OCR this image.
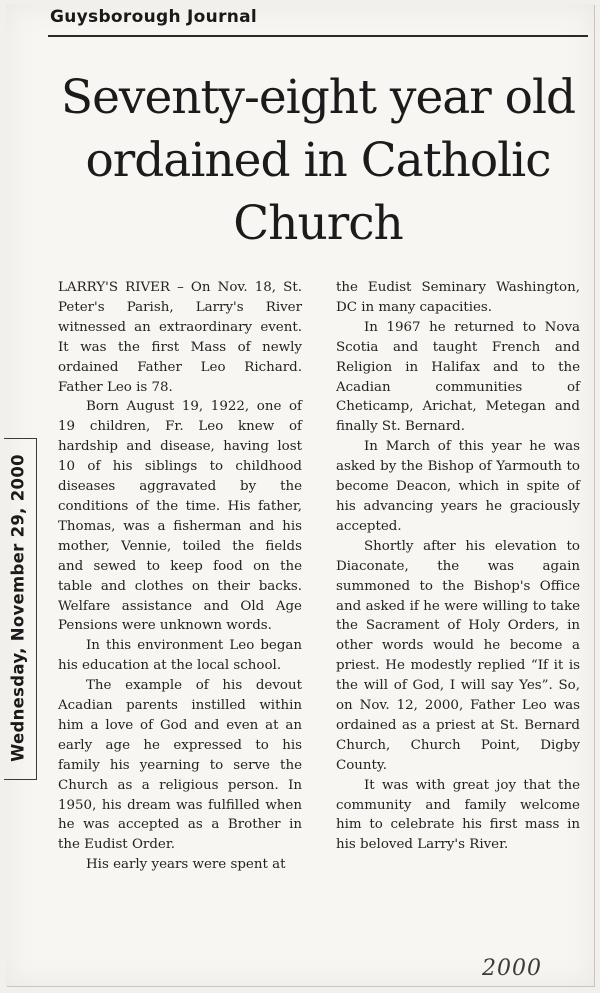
Guysborough Journal
Seventy-eight year old
ordained in Catholic
Church
Wednesday, November 29, 2000

LARRY'S RIVER – On Nov. 18, St. Peter's Parish, Larry's River witnessed an extraordinary event. It was the first Mass of newly ordained Father Leo Richard. Father Leo is 78.

Born August 19, 1922, one of 19 children, Fr. Leo knew of hardship and disease, having lost 10 of his siblings to childhood diseases aggravated by the conditions of the time. His father, Thomas, was a fisherman and his mother, Vennie, toiled the fields and sewed to keep food on the table and clothes on their backs. Welfare assistance and Old Age Pensions were unknown words.

In this environment Leo began his education at the local school.

The example of his devout Acadian parents instilled within him a love of God and even at an early age he expressed to his family his yearning to serve the Church as a religious person. In 1950, his dream was fulfilled when he was accepted as a Brother in the Eudist Order.

His early years were spent at

the Eudist Seminary Washington, DC in many capacities.

In 1967 he returned to Nova Scotia and taught French and Religion in Halifax and to the Acadian communities of Cheticamp, Arichat, Metegan and finally St. Bernard.

In March of this year he was asked by the Bishop of Yarmouth to become Deacon, which in spite of his advancing years he graciously accepted.

Shortly after his elevation to Diaconate, the was again summoned to the Bishop's Office and asked if he were willing to take the Sacrament of Holy Orders, in other words would he become a priest. He modestly replied “If it is the will of God, I will say Yes”. So, on Nov. 12, 2000, Father Leo was ordained as a priest at St. Bernard Church, Church Point, Digby County.

It was with great joy that the community and family welcome him to celebrate his first mass in his beloved Larry's River.

2000
